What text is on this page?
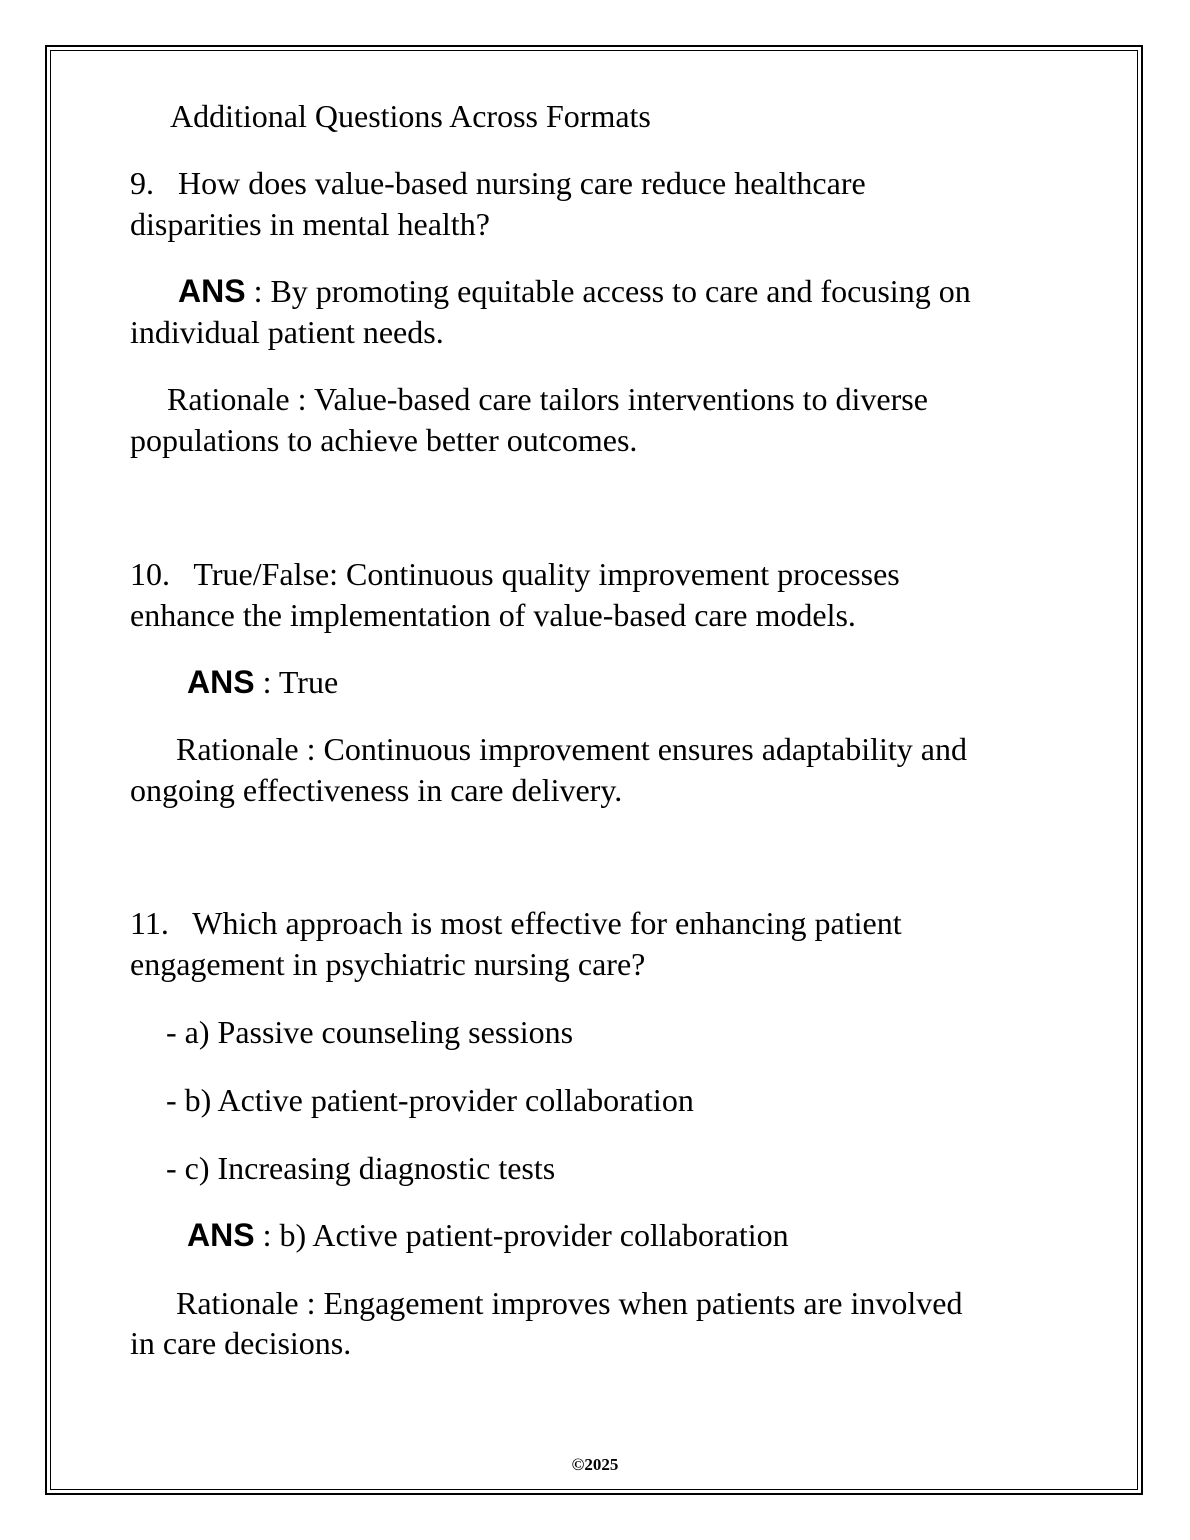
Additional Questions Across Formats
9.   How does value-based nursing care reduce healthcare
disparities in mental health?
ANS : By promoting equitable access to care and focusing on
individual patient needs.
Rationale : Value-based care tailors interventions to diverse
populations to achieve better outcomes.
10.   True/False: Continuous quality improvement processes
enhance the implementation of value-based care models.
ANS : True
Rationale : Continuous improvement ensures adaptability and
ongoing effectiveness in care delivery.
11.   Which approach is most effective for enhancing patient
engagement in psychiatric nursing care?
- a) Passive counseling sessions
- b) Active patient-provider collaboration
- c) Increasing diagnostic tests
ANS : b) Active patient-provider collaboration
Rationale : Engagement improves when patients are involved
in care decisions.
©2025
